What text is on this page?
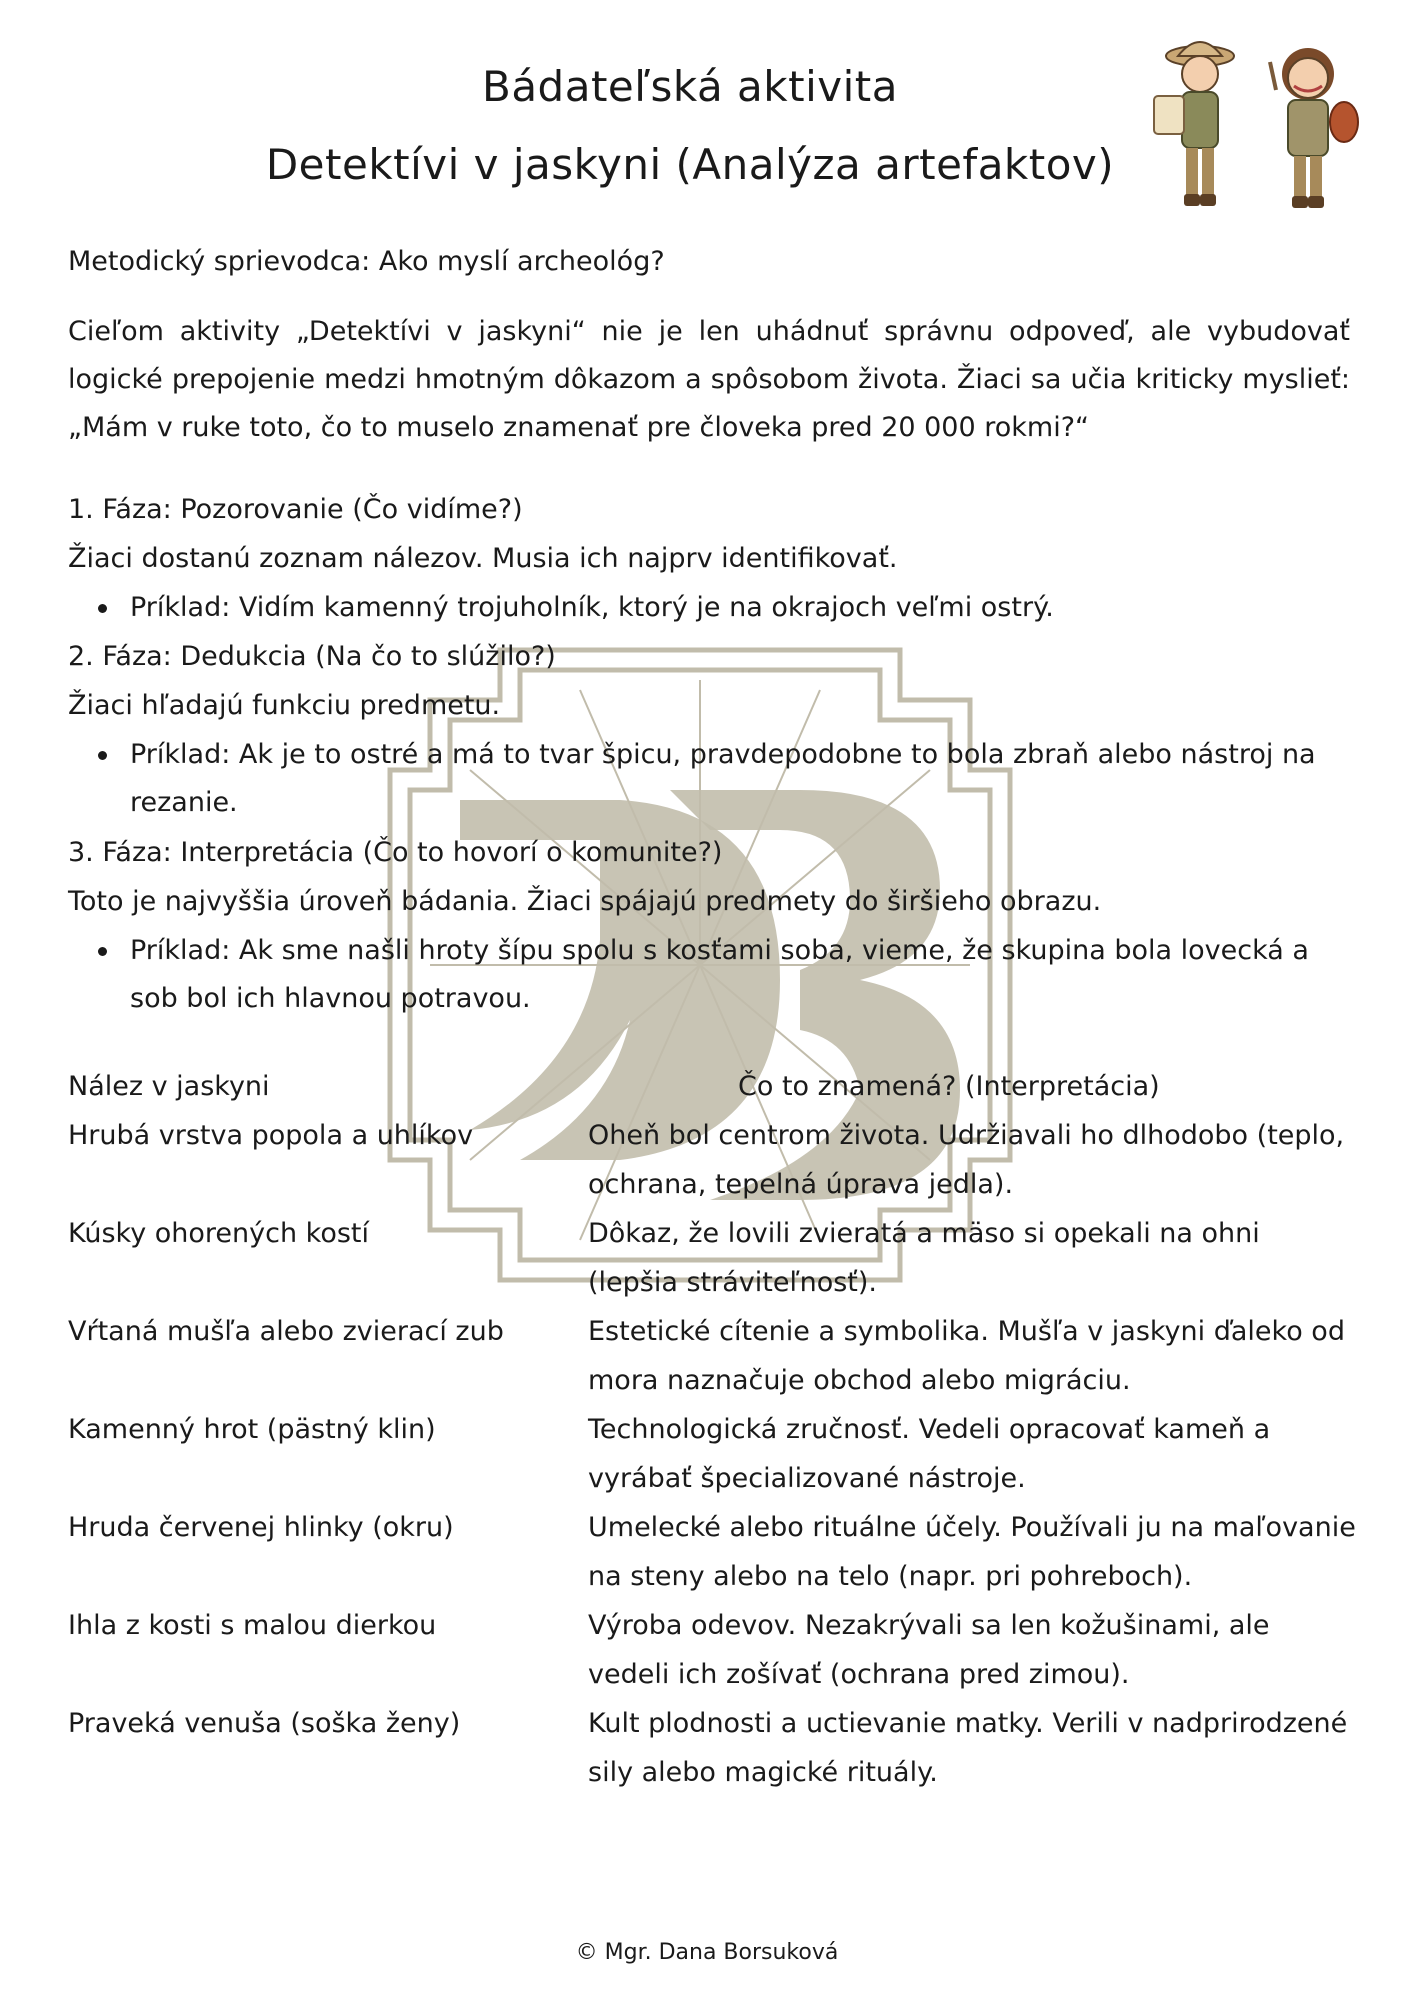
Bádateľská aktivita
Detektívi v jaskyni (Analýza artefaktov)
Metodický sprievodca: Ako myslí archeológ?
Cieľom aktivity „Detektívi v jaskyni“ nie je len uhádnuť správnu odpoveď, ale vybudovať logické prepojenie medzi hmotným dôkazom a spôsobom života. Žiaci sa učia kriticky myslieť: „Mám v ruke toto, čo to muselo znamenať pre človeka pred 20 000 rokmi?“
1. Fáza: Pozorovanie (Čo vidíme?)
Žiaci dostanú zoznam nálezov. Musia ich najprv identifikovať.
Príklad: Vidím kamenný trojuholník, ktorý je na okrajoch veľmi ostrý.
2. Fáza: Dedukcia (Na čo to slúžilo?)
Žiaci hľadajú funkciu predmetu.
Príklad: Ak je to ostré a má to tvar špicu, pravdepodobne to bola zbraň alebo nástroj na rezanie.
3. Fáza: Interpretácia (Čo to hovorí o komunite?)
Toto je najvyššia úroveň bádania. Žiaci spájajú predmety do širšieho obrazu.
Príklad: Ak sme našli hroty šípu spolu s kosťami soba, vieme, že skupina bola lovecká a sob bol ich hlavnou potravou.
Nález v jaskyni	Čo to znamená? (Interpretácia)
Hrubá vrstva popola a uhlíkov	Oheň bol centrom života. Udržiavali ho dlhodobo (teplo, ochrana, tepelná úprava jedla).
Kúsky ohorených kostí	Dôkaz, že lovili zvieratá a mäso si opekali na ohni (lepšia stráviteľnosť).
Vŕtaná mušľa alebo zvierací zub	Estetické cítenie a symbolika. Mušľa v jaskyni ďaleko od mora naznačuje obchod alebo migráciu.
Kamenný hrot (pästný klin)	Technologická zručnosť. Vedeli opracovať kameň a vyrábať špecializované nástroje.
Hruda červenej hlinky (okru)	Umelecké alebo rituálne účely. Používali ju na maľovanie na steny alebo na telo (napr. pri pohreboch).
Ihla z kosti s malou dierkou	Výroba odevov. Nezakrývali sa len kožušinami, ale vedeli ich zošívať (ochrana pred zimou).
Praveká venuša (soška ženy)	Kult plodnosti a uctievanie matky. Verili v nadprirodzené sily alebo magické rituály.
© Mgr. Dana Borsuková
